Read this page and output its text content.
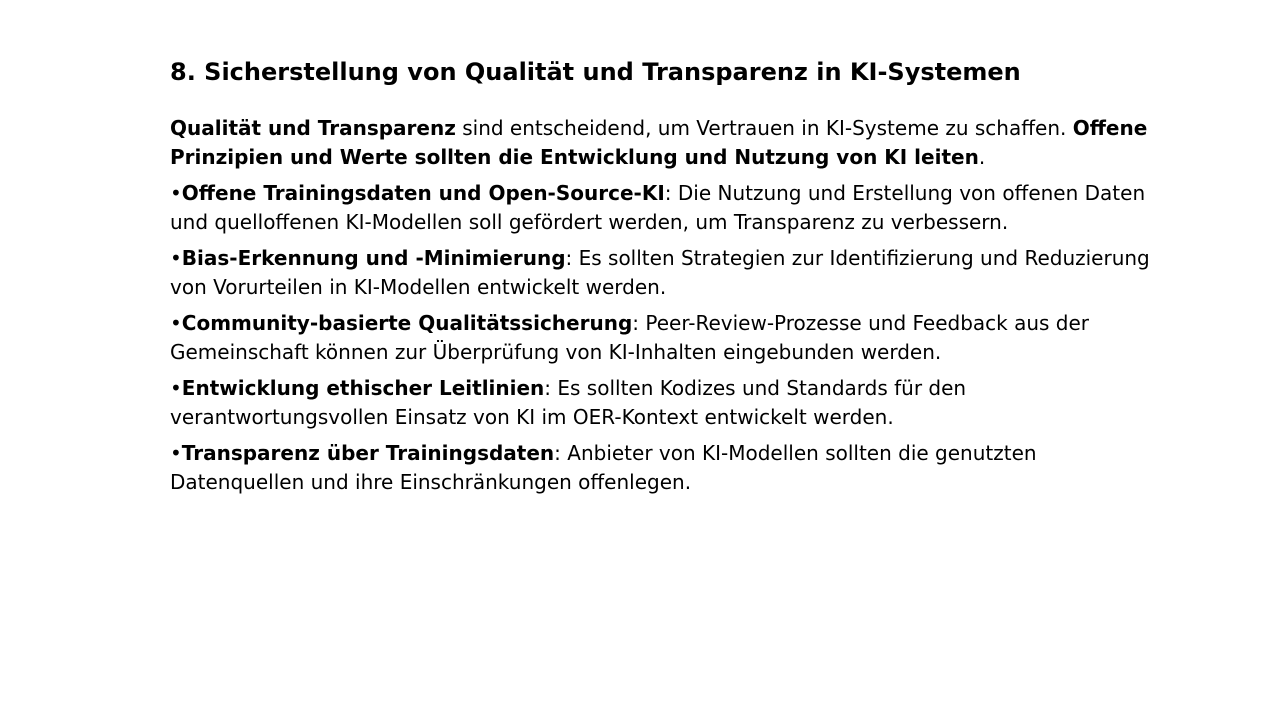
8. Sicherstellung von Qualität und Transparenz in KI-Systemen

Qualität und Transparenz sind entscheidend, um Vertrauen in KI-Systeme zu schaffen. Offene Prinzipien und Werte sollten die Entwicklung und Nutzung von KI leiten.

•Offene Trainingsdaten und Open-Source-KI: Die Nutzung und Erstellung von offenen Daten und quelloffenen KI-Modellen soll gefördert werden, um Transparenz zu verbessern.
•Bias-Erkennung und -Minimierung: Es sollten Strategien zur Identifizierung und Reduzierung von Vorurteilen in KI-Modellen entwickelt werden.
•Community-basierte Qualitätssicherung: Peer-Review-Prozesse und Feedback aus der Gemeinschaft können zur Überprüfung von KI-Inhalten eingebunden werden.
•Entwicklung ethischer Leitlinien: Es sollten Kodizes und Standards für den verantwortungsvollen Einsatz von KI im OER-Kontext entwickelt werden.
•Transparenz über Trainingsdaten: Anbieter von KI-Modellen sollten die genutzten Datenquellen und ihre Einschränkungen offenlegen.
